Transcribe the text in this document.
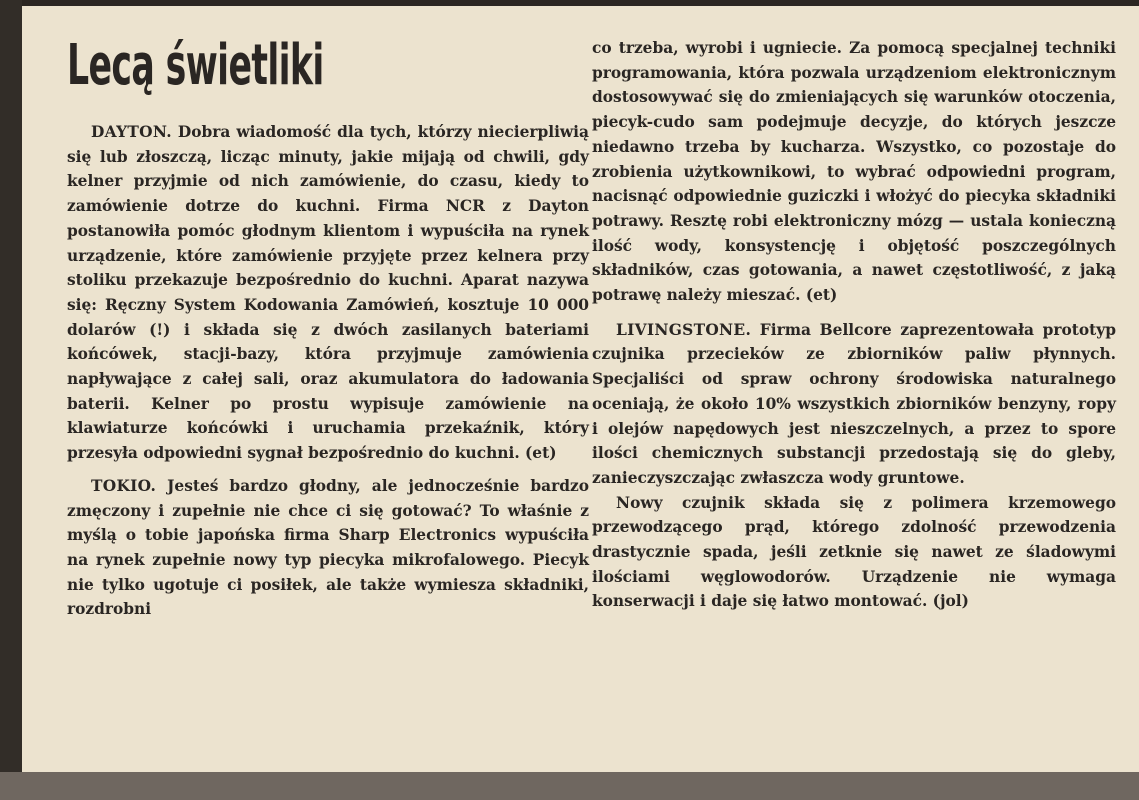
Lecą świetliki

DAYTON. Dobra wiadomość dla tych, którzy niecierpliwią się lub złoszczą, licząc minuty, jakie mijają od chwili, gdy kelner przyjmie od nich zamówienie, do czasu, kiedy to zamówienie dotrze do kuchni. Firma NCR z Dayton postanowiła pomóc głodnym klientom i wypuściła na rynek urządzenie, które zamówienie przyjęte przez kelnera przy stoliku przekazuje bezpośrednio do kuchni. Aparat nazywa się: Ręczny System Kodowania Zamówień, kosztuje 10 000 dolarów (!) i składa się z dwóch zasilanych bateriami końcówek, stacji-bazy, która przyjmuje zamówienia napływające z całej sali, oraz akumulatora do ładowania baterii. Kelner po prostu wypisuje zamówienie na klawiaturze końcówki i uruchamia przekaźnik, który przesyła odpowiedni sygnał bezpośrednio do kuchni. (et)

TOKIO. Jesteś bardzo głodny, ale jednocześnie bardzo zmęczony i zupełnie nie chce ci się gotować? To właśnie z myślą o tobie japońska firma Sharp Electronics wypuściła na rynek zupełnie nowy typ piecyka mikrofalowego. Piecyk nie tylko ugotuje ci posiłek, ale także wymiesza składniki, rozdrobni

co trzeba, wyrobi i ugniecie. Za pomocą specjalnej techniki programowania, która pozwala urządzeniom elektronicznym dostosowywać się do zmieniających się warunków otoczenia, piecyk-cudo sam podejmuje decyzje, do których jeszcze niedawno trzeba by kucharza. Wszystko, co pozostaje do zrobienia użytkownikowi, to wybrać odpowiedni program, nacisnąć odpowiednie guziczki i włożyć do piecyka składniki potrawy. Resztę robi elektroniczny mózg — ustala konieczną ilość wody, konsystencję i objętość poszczególnych składników, czas gotowania, a nawet częstotliwość, z jaką potrawę należy mieszać. (et)

LIVINGSTONE. Firma Bellcore zaprezentowała prototyp czujnika przecieków ze zbiorników paliw płynnych. Specjaliści od spraw ochrony środowiska naturalnego oceniają, że około 10% wszystkich zbiorników benzyny, ropy i olejów napędowych jest nieszczelnych, a przez to spore ilości chemicznych substancji przedostają się do gleby, zanieczyszczając zwłaszcza wody gruntowe.

Nowy czujnik składa się z polimera krzemowego przewodzącego prąd, którego zdolność przewodzenia drastycznie spada, jeśli zetknie się nawet ze śladowymi ilościami węglowodorów. Urządzenie nie wymaga konserwacji i daje się łatwo montować. (jol)
